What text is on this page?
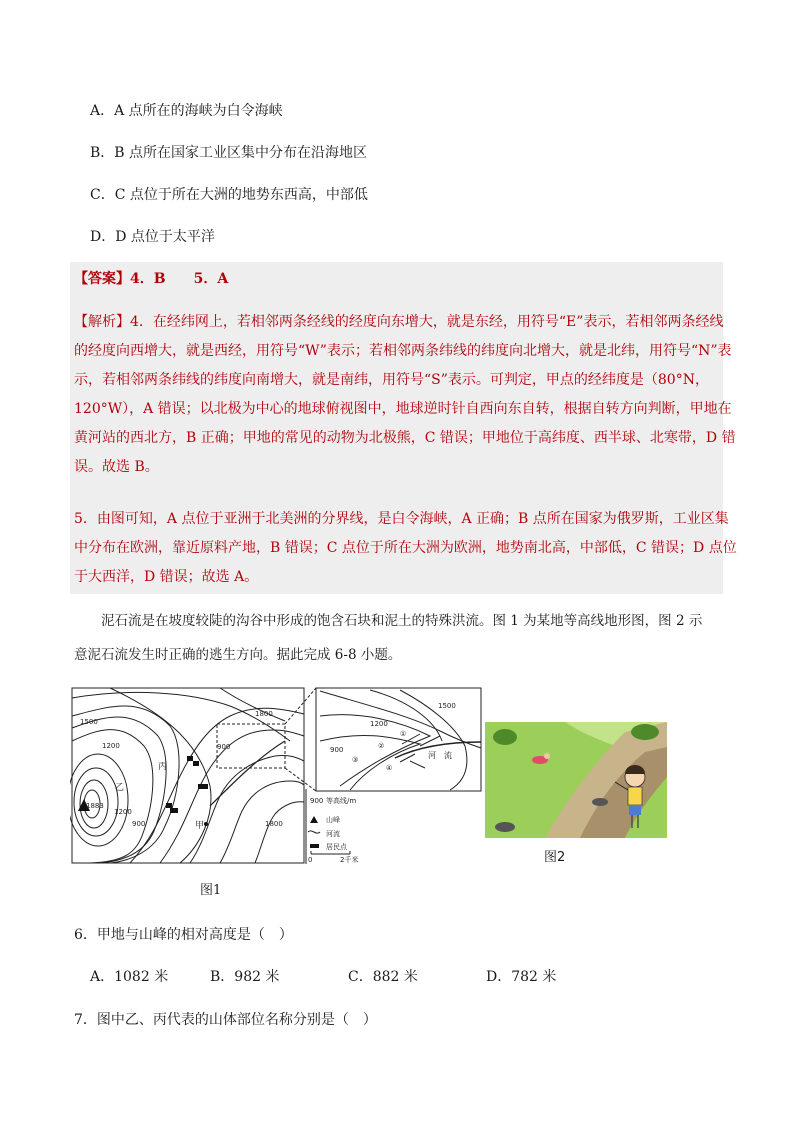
A．A 点所在的海峡为白令海峡
B．B 点所在国家工业区集中分布在沿海地区
C．C 点位于所在大洲的地势东西高，中部低
D．D 点位于太平洋
【答案】4．B　　5．A
【解析】4．在经纬网上，若相邻两条经线的经度向东增大，就是东经，用符号“E”表示，若相邻两条经线
的经度向西增大，就是西经，用符号“W”表示；若相邻两条纬线的纬度向北增大，就是北纬，用符号“N”表
示，若相邻两条纬线的纬度向南增大，就是南纬，用符号“S”表示。可判定，甲点的经纬度是（80°N，
120°W），A 错误；以北极为中心的地球俯视图中，地球逆时针自西向东自转，根据自转方向判断，甲地在
黄河站的西北方，B 正确；甲地的常见的动物为北极熊，C 错误；甲地位于高纬度、西半球、北寒带，D 错
误。故选 B。
5．由图可知，A 点位于亚洲于北美洲的分界线，是白令海峡，A 正确；B 点所在国家为俄罗斯，工业区集
中分布在欧洲，靠近原料产地，B 错误；C 点位于所在大洲为欧洲，地势南北高，中部低，C 错误；D 点位
于大西洋，D 错误；故选 A。
泥石流是在坡度较陡的沟谷中形成的饱含石块和泥土的特殊洪流。图 1 为某地等高线地形图，图 2 示
意泥石流发生时正确的逃生方向。据此完成 6-8 小题。
1500
1200	900
1800
900
1200
1800
1883
乙
丙
甲
1200
900
1500
①
②
③
④
河　流
900 等高线/m
山峰
河流
居民点
0	2千米
图1
图2
6．甲地与山峰的相对高度是（　）
A．1082 米	B．982 米	C．882 米	D．782 米
7．图中乙、丙代表的山体部位名称分别是（　）
